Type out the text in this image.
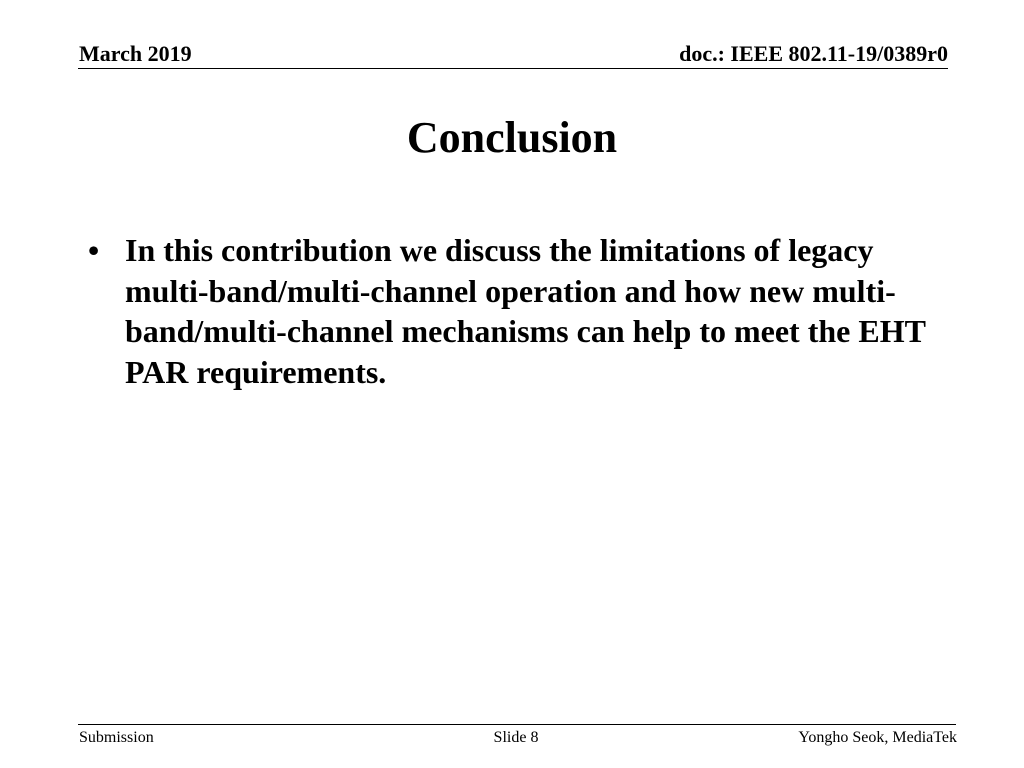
March 2019	doc.: IEEE 802.11-19/0389r0
Conclusion
• In this contribution we discuss the limitations of legacy multi-band/multi-channel operation and how new multi-band/multi-channel mechanisms can help to meet the EHT PAR requirements.
Submission	Slide 8	Yongho Seok, MediaTek
